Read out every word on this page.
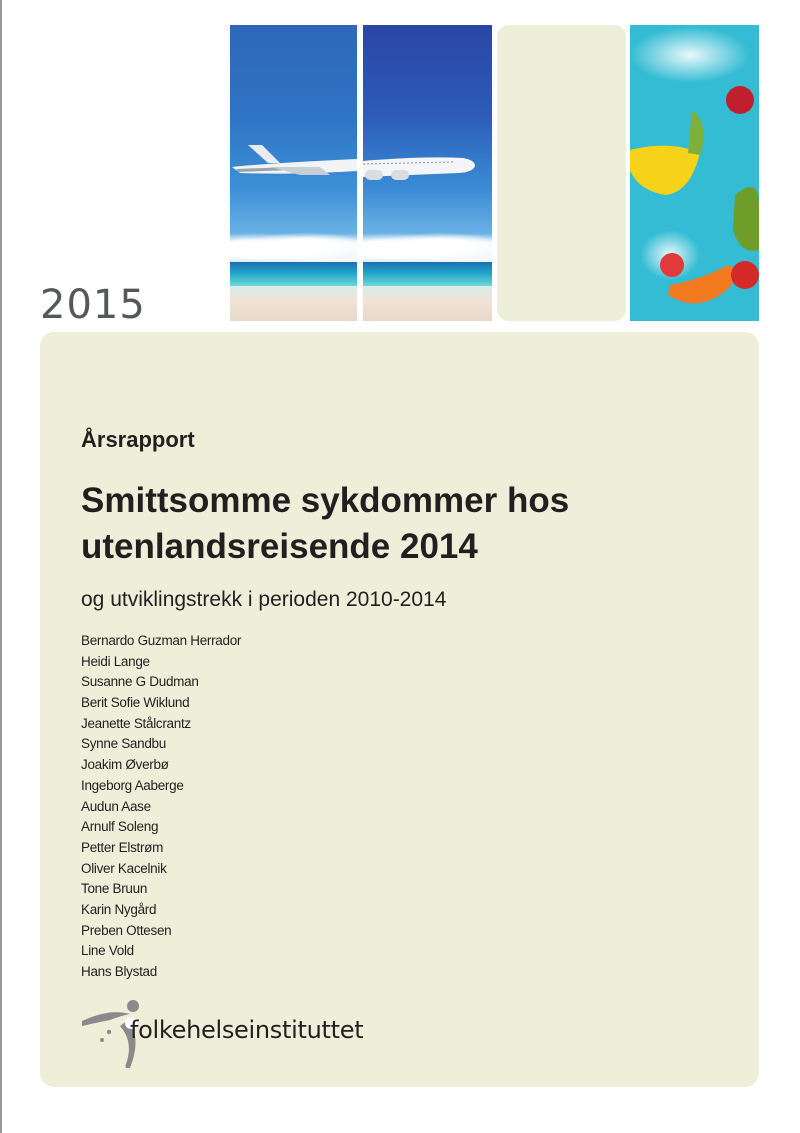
2015
Årsrapport
Smittsomme sykdommer hos
utenlandsreisende 2014
og utviklingstrekk i perioden 2010-2014
Bernardo Guzman Herrador
Heidi Lange
Susanne G Dudman
Berit Sofie Wiklund
Jeanette Stålcrantz
Synne Sandbu
Joakim Øverbø
Ingeborg Aaberge
Audun Aase
Arnulf Soleng
Petter Elstrøm
Oliver Kacelnik
Tone Bruun
Karin Nygård
Preben Ottesen
Line Vold
Hans Blystad
folkehelseinstituttet
